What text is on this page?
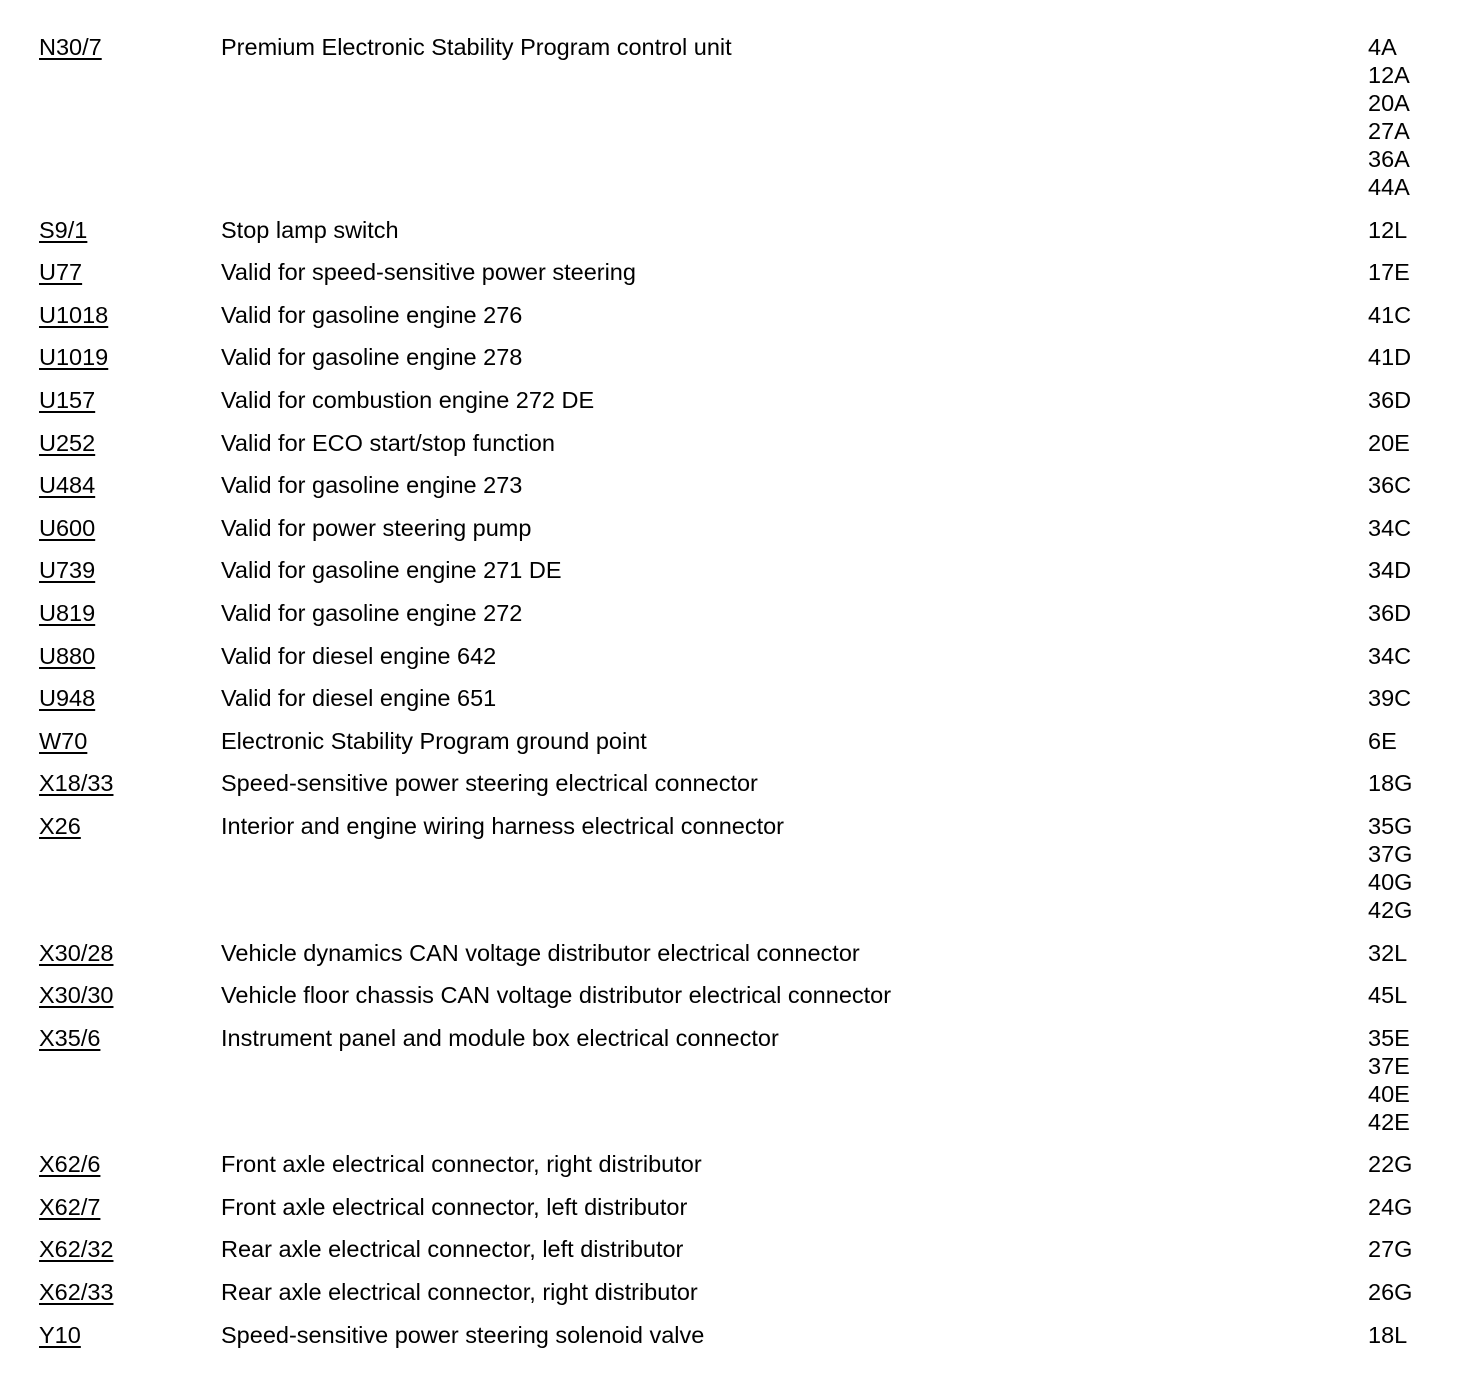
N30/7	Premium Electronic Stability Program control unit	4A
12A
20A
27A
36A
44A
S9/1	Stop lamp switch	12L
U77	Valid for speed-sensitive power steering	17E
U1018	Valid for gasoline engine 276	41C
U1019	Valid for gasoline engine 278	41D
U157	Valid for combustion engine 272 DE	36D
U252	Valid for ECO start/stop function	20E
U484	Valid for gasoline engine 273	36C
U600	Valid for power steering pump	34C
U739	Valid for gasoline engine 271 DE	34D
U819	Valid for gasoline engine 272	36D
U880	Valid for diesel engine 642	34C
U948	Valid for diesel engine 651	39C
W70	Electronic Stability Program ground point	6E
X18/33	Speed-sensitive power steering electrical connector	18G
X26	Interior and engine wiring harness electrical connector	35G
37G
40G
42G
X30/28	Vehicle dynamics CAN voltage distributor electrical connector	32L
X30/30	Vehicle floor chassis CAN voltage distributor electrical connector	45L
X35/6	Instrument panel and module box electrical connector	35E
37E
40E
42E
X62/6	Front axle electrical connector, right distributor	22G
X62/7	Front axle electrical connector, left distributor	24G
X62/32	Rear axle electrical connector, left distributor	27G
X62/33	Rear axle electrical connector, right distributor	26G
Y10	Speed-sensitive power steering solenoid valve	18L
